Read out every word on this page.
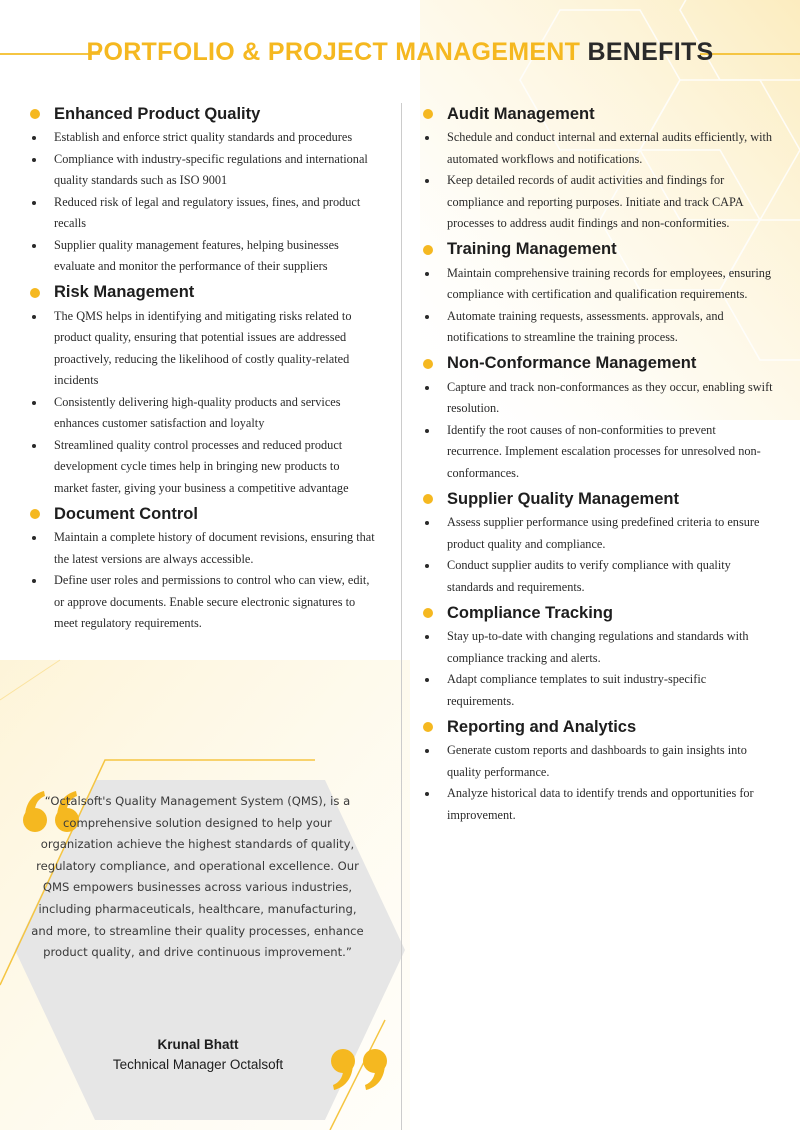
PORTFOLIO & PROJECT MANAGEMENT BENEFITS
Enhanced Product Quality
Establish and enforce strict quality standards and procedures
Compliance with industry-specific regulations and international quality standards such as ISO 9001
Reduced risk of legal and regulatory issues, fines, and product recalls
Supplier quality management features, helping businesses evaluate and monitor the performance of their suppliers
Risk Management
The QMS helps in identifying and mitigating risks related to product quality, ensuring that potential issues are addressed proactively, reducing the likelihood of costly quality-related incidents
Consistently delivering high-quality products and services enhances customer satisfaction and loyalty
Streamlined quality control processes and reduced product development cycle times help in bringing new products to market faster, giving your business a competitive advantage
Document Control
Maintain a complete history of document revisions, ensuring that the latest versions are always accessible.
Define user roles and permissions to control who can view, edit, or approve documents. Enable secure electronic signatures to meet regulatory requirements.
Audit Management
Schedule and conduct internal and external audits efficiently, with automated workflows and notifications.
Keep detailed records of audit activities and findings for compliance and reporting purposes. Initiate and track CAPA processes to address audit findings and non-conformities.
Training Management
Maintain comprehensive training records for employees, ensuring compliance with certification and qualification requirements.
Automate training requests, assessments. approvals, and notifications to streamline the training process.
Non-Conformance Management
Capture and track non-conformances as they occur, enabling swift resolution.
Identify the root causes of non-conformities to prevent recurrence. Implement escalation processes for unresolved non-conformances.
Supplier Quality Management
Assess supplier performance using predefined criteria to ensure product quality and compliance.
Conduct supplier audits to verify compliance with quality standards and requirements.
Compliance Tracking
Stay up-to-date with changing regulations and standards with compliance tracking and alerts.
Adapt compliance templates to suit industry-specific requirements.
Reporting and Analytics
Generate custom reports and dashboards to gain insights into quality performance.
Analyze historical data to identify trends and opportunities for improvement.

“Octalsoft's Quality Management System (QMS), is a comprehensive solution designed to help your organization achieve the highest standards of quality, regulatory compliance, and operational excellence. Our QMS empowers businesses across various industries, including pharmaceuticals, healthcare, manufacturing, and more, to streamline their quality processes, enhance product quality, and drive continuous improvement.”

Krunal Bhatt
Technical Manager Octalsoft
